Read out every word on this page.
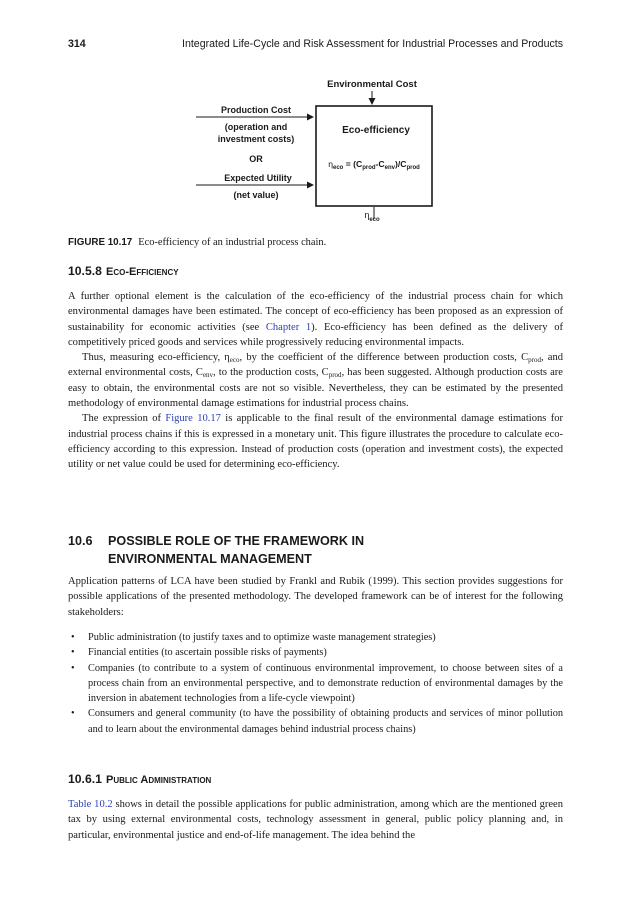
314	Integrated Life-Cycle and Risk Assessment for Industrial Processes and Products
Environmental Cost
Eco-efficiency
$\eta_{eco} = (C_{prod}-C_{env})/C_{prod}$
Production Cost
(operation and
investment costs)
OR
Expected Utility
(net value)
$\eta_{eco}$
FIGURE 10.17 Eco-efficiency of an industrial process chain.
10.5.8 Eco-Efficiency

A further optional element is the calculation of the eco-efficiency of the industrial process chain for which environmental damages have been estimated. The concept of eco-efficiency has been proposed as an expression of sustainability for economic activities (see Chapter 1). Eco-efficiency has been defined as the delivery of competitively priced goods and services while progressively reducing environmental impacts.

Thus, measuring eco-efficiency, $\eta_{eco}$, by the coefficient of the difference between production costs, $C_{prod}$, and external environmental costs, $C_{env}$, to the production costs, $C_{prod}$, has been suggested. Although production costs are easy to obtain, the environmental costs are not so visible. Nevertheless, they can be estimated by the presented methodology of environmental damage estimations for industrial process chains.

The expression of Figure 10.17 is applicable to the final result of the environmental damage estimations for industrial process chains if this is expressed in a monetary unit. This figure illustrates the procedure to calculate eco-efficiency according to this expression. Instead of production costs (operation and investment costs), the expected utility or net value could be used for determining eco-efficiency.

10.6 POSSIBLE ROLE OF THE FRAMEWORK IN
ENVIRONMENTAL MANAGEMENT
Application patterns of LCA have been studied by Frankl and Rubik (1999). This section provides suggestions for possible applications of the presented methodology. The developed framework can be of interest for the following stakeholders:
• Public administration (to justify taxes and to optimize waste management strategies)
• Financial entities (to ascertain possible risks of payments)
• Companies (to contribute to a system of continuous environmental improvement, to choose between sites of a process chain from an environmental perspective, and to demonstrate reduction of environmental damages by the inversion in abatement technologies from a life-cycle viewpoint)
• Consumers and general community (to have the possibility of obtaining products and services of minor pollution and to learn about the environmental damages behind industrial process chains)
10.6.1 Public Administration

Table 10.2 shows in detail the possible applications for public administration, among which are the mentioned green tax by using external environmental costs, technology assessment in general, public policy planning and, in particular, environmental justice and end-of-life management. The idea behind the
